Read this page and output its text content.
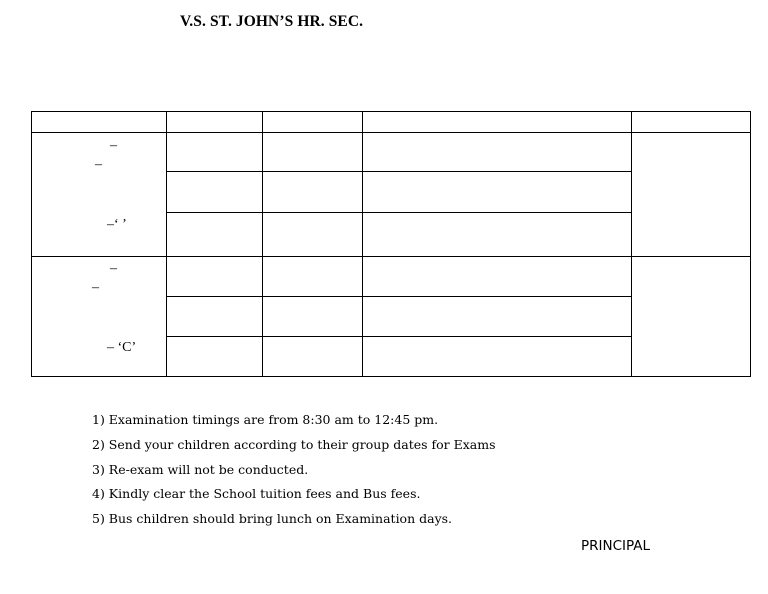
V.S. ST. JOHN’S HR. SEC.

–
–
–‘ ’				

–
–
– ‘C’				

1) Examination timings are from 8:30 am to 12:45 pm.
2) Send your children according to their group dates for Exams
3) Re-exam will not be conducted.
4) Kindly clear the School tuition fees and Bus fees.
5) Bus children should bring lunch on Examination days.
PRINCIPAL
